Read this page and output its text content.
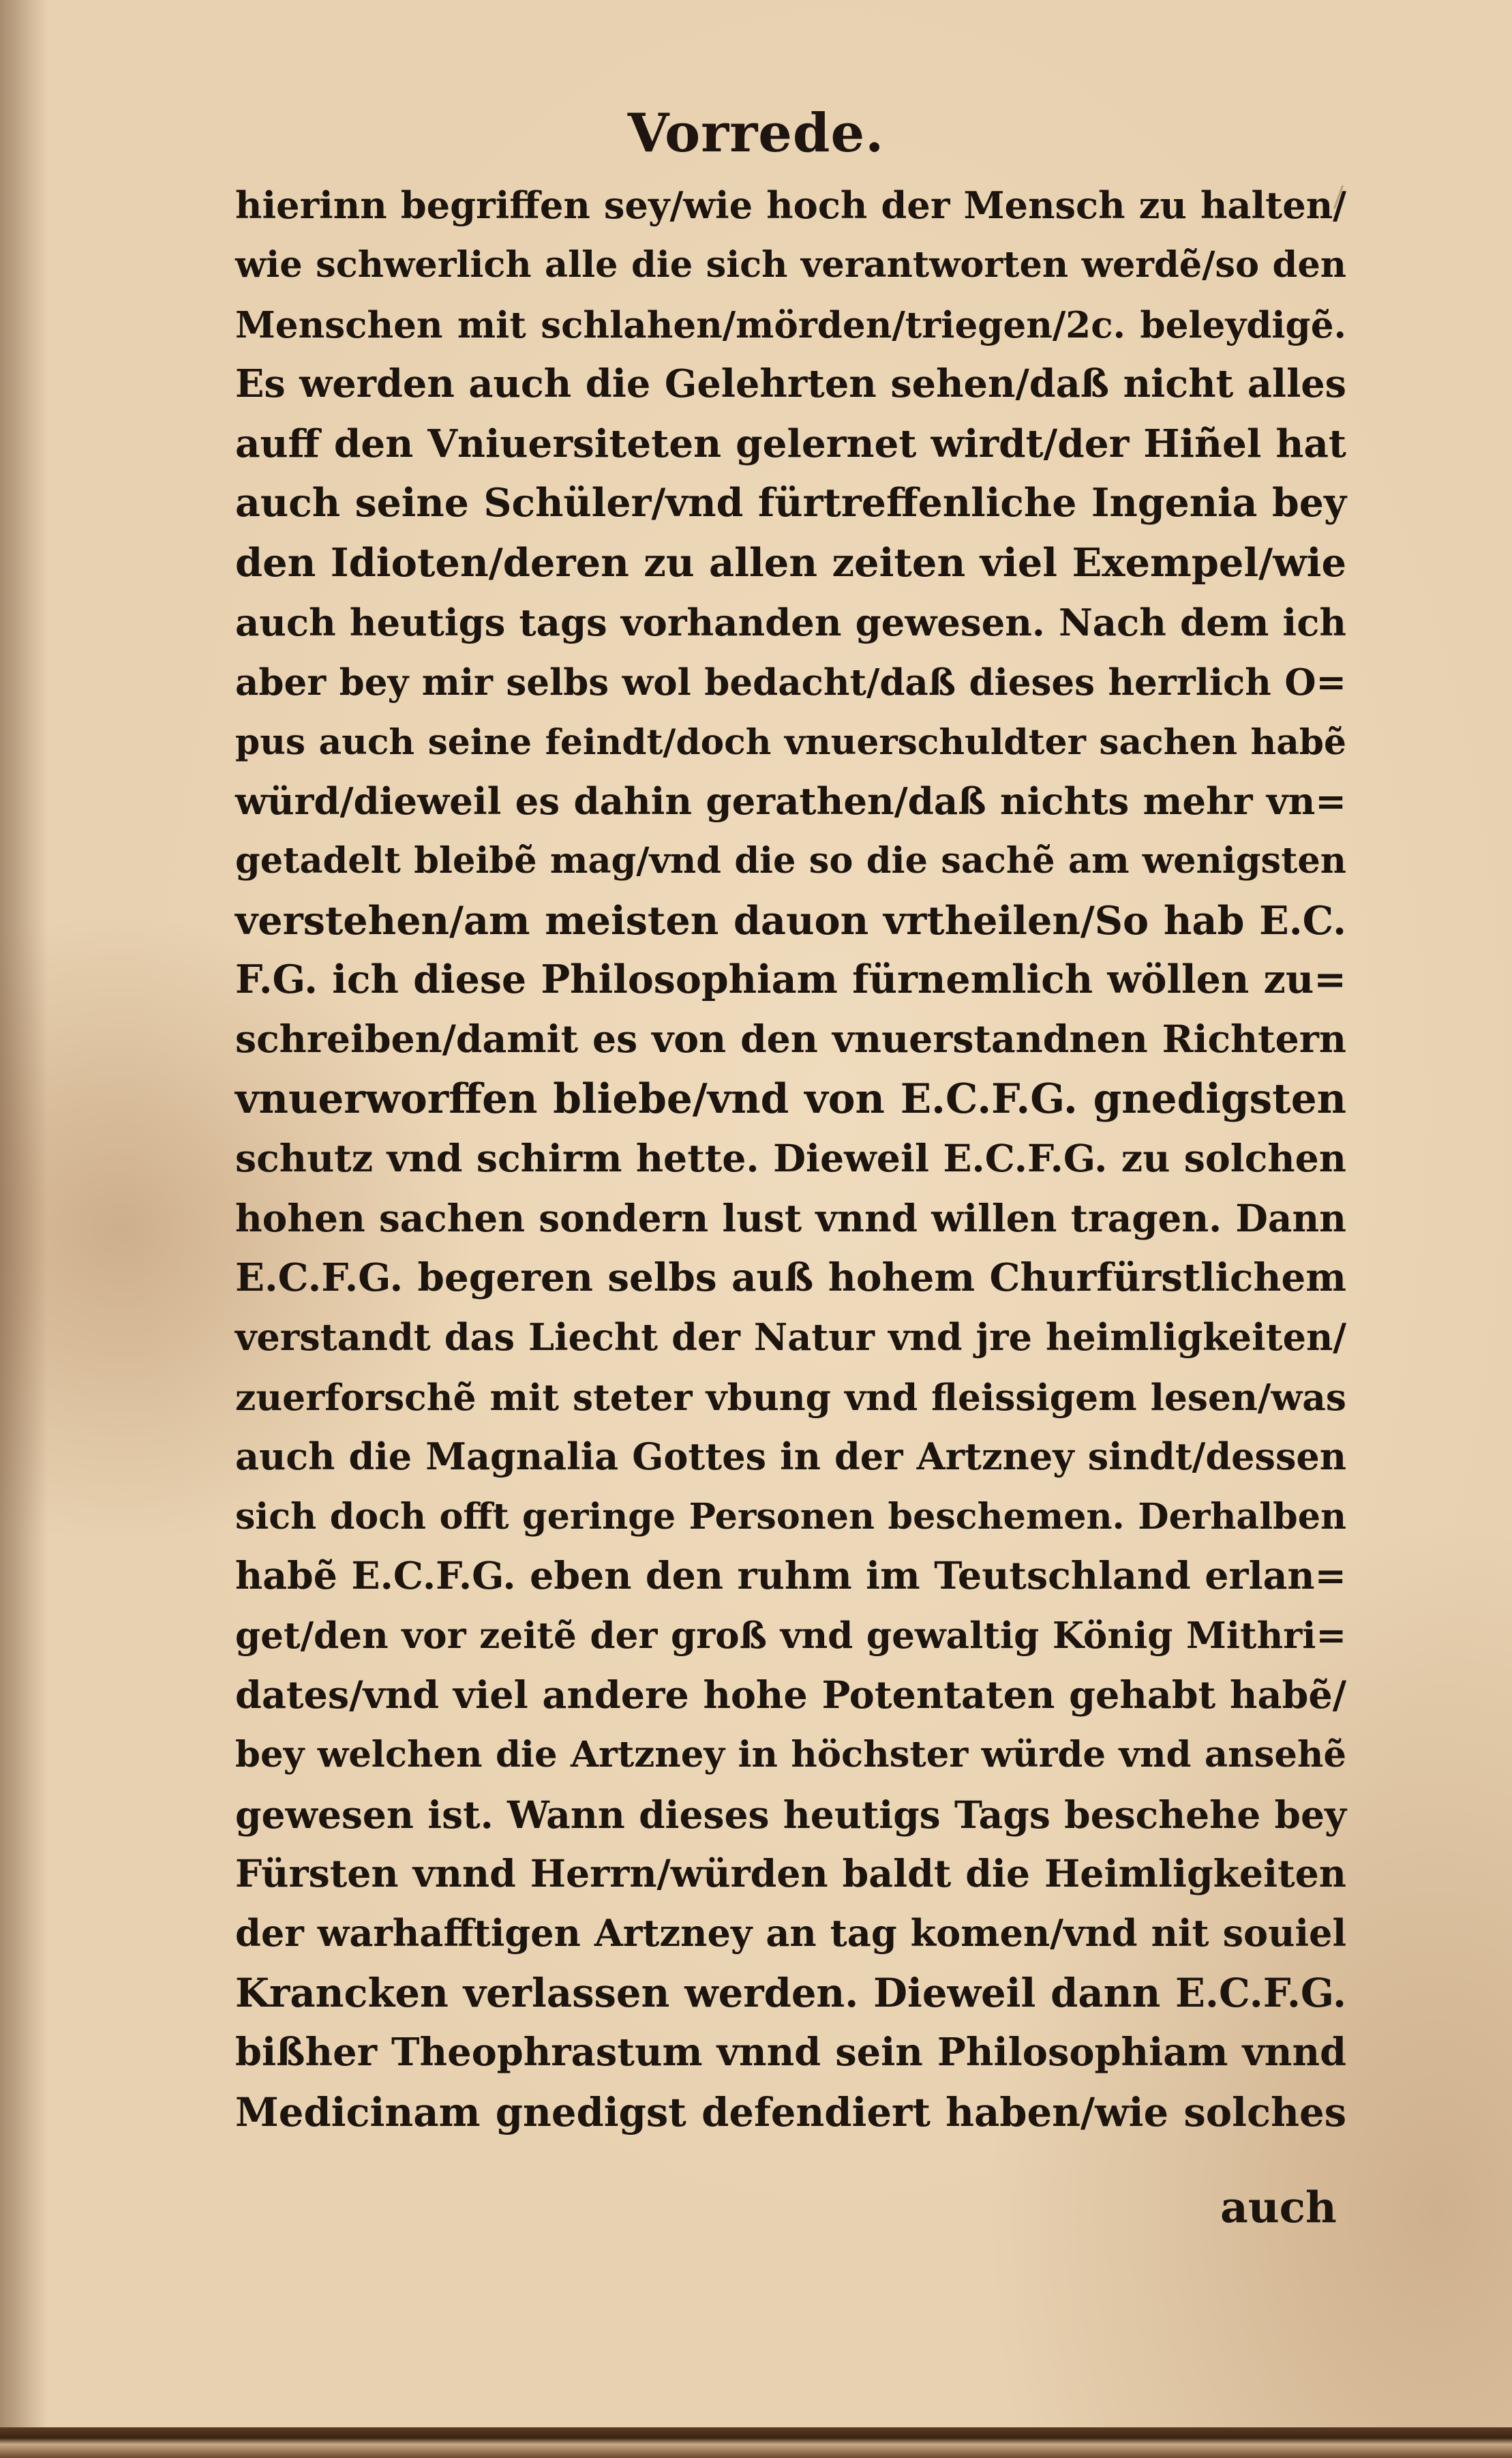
Vorrede.
hierinn begriffen sey/wie hoch der Mensch zu halten/
wie schwerlich alle die sich verantworten werdẽ/so den
Menschen mit schlahen/mörden/triegen/2c. beleydigẽ.
Es werden auch die Gelehrten sehen/daß nicht alles
auff den Vniuersiteten gelernet wirdt/der Hiñel hat
auch seine Schüler/vnd fürtreffenliche Ingenia bey
den Idioten/deren zu allen zeiten viel Exempel/wie
auch heutigs tags vorhanden gewesen. Nach dem ich
aber bey mir selbs wol bedacht/daß dieses herrlich O=
pus auch seine feindt/doch vnuerschuldter sachen habẽ
würd/dieweil es dahin gerathen/daß nichts mehr vn=
getadelt bleibẽ mag/vnd die so die sachẽ am wenigsten
verstehen/am meisten dauon vrtheilen/So hab E.C.
F.G. ich diese Philosophiam fürnemlich wöllen zu=
schreiben/damit es von den vnuerstandnen Richtern
vnuerworffen bliebe/vnd von E.C.F.G. gnedigsten
schutz vnd schirm hette. Dieweil E.C.F.G. zu solchen
hohen sachen sondern lust vnnd willen tragen. Dann
E.C.F.G. begeren selbs auß hohem Churfürstlichem
verstandt das Liecht der Natur vnd jre heimligkeiten/
zuerforschẽ mit steter vbung vnd fleissigem lesen/was
auch die Magnalia Gottes in der Artzney sindt/dessen
sich doch offt geringe Personen beschemen. Derhalben
habẽ E.C.F.G. eben den ruhm im Teutschland erlan=
get/den vor zeitẽ der groß vnd gewaltig König Mithri=
dates/vnd viel andere hohe Potentaten gehabt habẽ/
bey welchen die Artzney in höchster würde vnd ansehẽ
gewesen ist. Wann dieses heutigs Tags beschehe bey
Fürsten vnnd Herrn/würden baldt die Heimligkeiten
der warhafftigen Artzney an tag komen/vnd nit souiel
Krancken verlassen werden. Dieweil dann E.C.F.G.
bißher Theophrastum vnnd sein Philosophiam vnnd
Medicinam gnedigst defendiert haben/wie solches
auch
